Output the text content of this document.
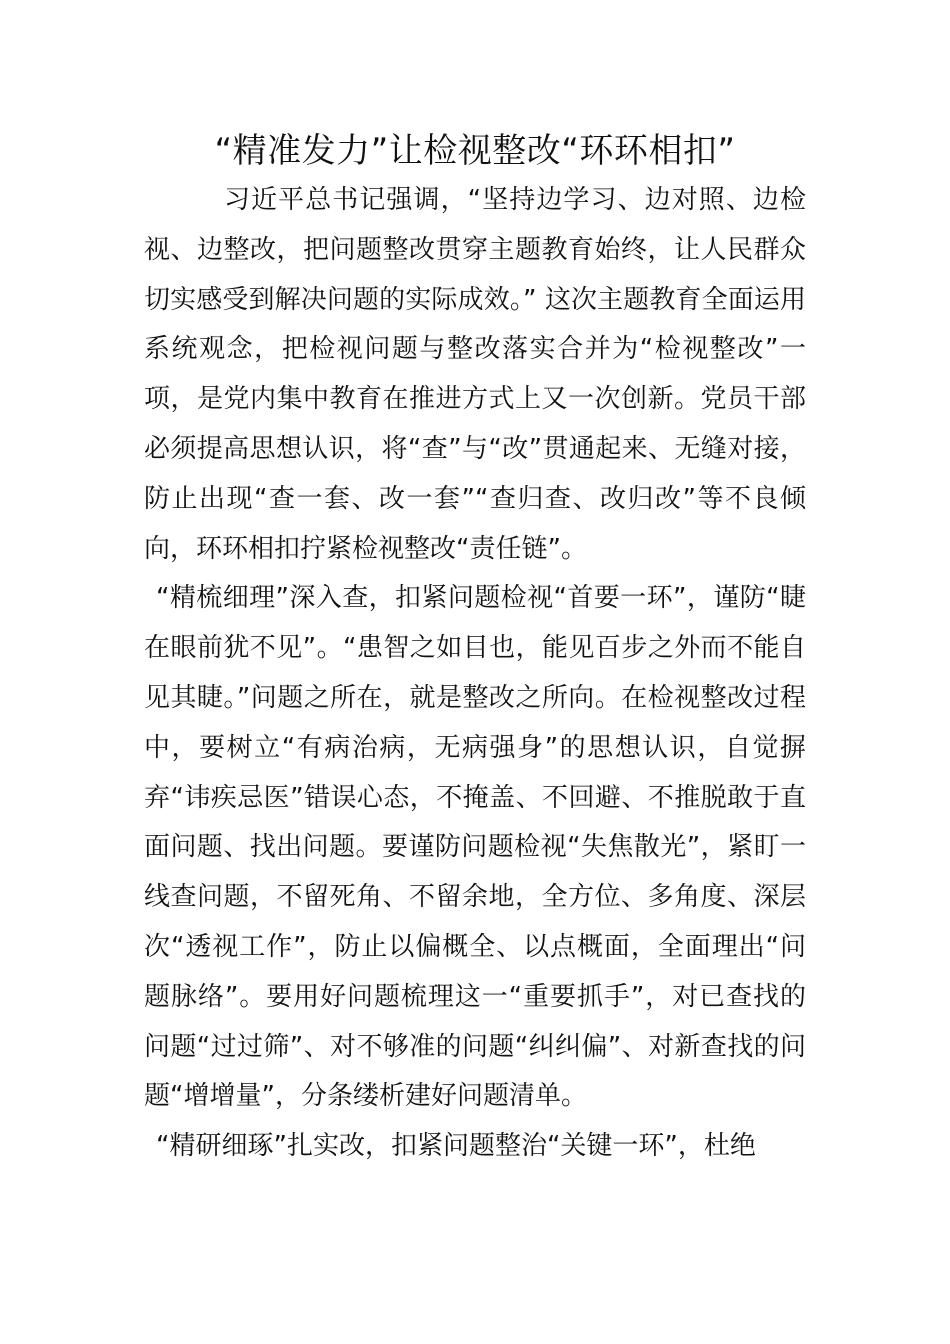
“精准发力”让检视整改“环环相扣”

习近平总书记强调，“坚持边学习、边对照、边检视、边整改，把问题整改贯穿主题教育始终，让人民群众切实感受到解决问题的实际成效。” 这次主题教育全面运用系统观念，把检视问题与整改落实合并为“检视整改”一项，是党内集中教育在推进方式上又一次创新。党员干部必须提高思想认识，将“查”与“改”贯通起来、无缝对接，防止出现“查一套、改一套”“查归查、改归改”等不良倾向，环环相扣拧紧检视整改“责任链”。

“精梳细理”深入查，扣紧问题检视“首要一环”，谨防“睫在眼前犹不见”。“患智之如目也，能见百步之外而不能自见其睫。”问题之所在，就是整改之所向。在检视整改过程中，要树立“有病治病，无病强身”的思想认识，自觉摒弃“讳疾忌医”错误心态，不掩盖、不回避、不推脱敢于直面问题、找出问题。要谨防问题检视“失焦散光”，紧盯一线查问题，不留死角、不留余地，全方位、多角度、深层次“透视工作”，防止以偏概全、以点概面，全面理出“问题脉络”。要用好问题梳理这一“重要抓手”，对已查找的问题“过过筛”、对不够准的问题“纠纠偏”、对新查找的问题“增增量”，分条缕析建好问题清单。

“精研细琢”扎实改，扣紧问题整治“关键一环”，杜绝
